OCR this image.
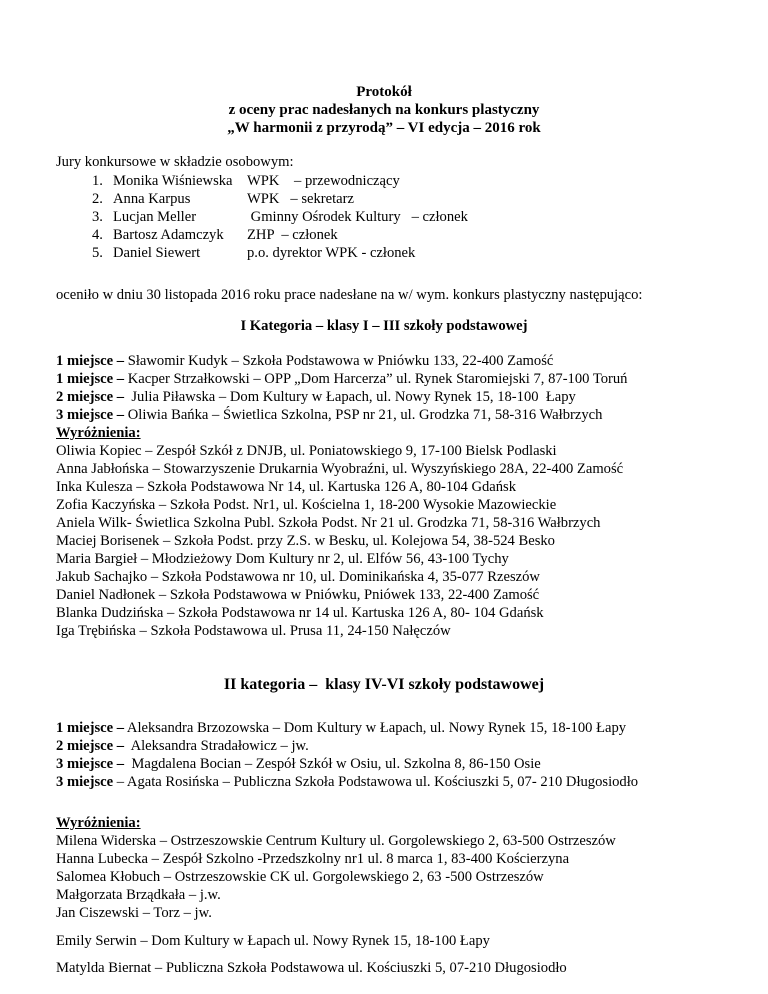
Protokół
z oceny prac nadesłanych na konkurs plastyczny
„W harmonii z przyrodą” – VI edycja – 2016 rok
Jury konkursowe w składzie osobowym:
1. Monika Wiśniewska WPK    – przewodniczący
2. Anna Karpus	WPK   – sekretarz
3. Lucjan Meller	Gminny Ośrodek Kultury   – członek
4. Bartosz Adamczyk ZHP  – członek
5. Daniel Siewert	p.o. dyrektor WPK - członek
oceniło w dniu 30 listopada 2016 roku prace nadesłane na w/ wym. konkurs plastyczny następująco:
I Kategoria – klasy I – III szkoły podstawowej
1 miejsce – Sławomir Kudyk – Szkoła Podstawowa w Pniówku 133, 22-400 Zamość
1 miejsce – Kacper Strzałkowski – OPP „Dom Harcerza” ul. Rynek Staromiejski 7, 87-100 Toruń
2 miejsce –  Julia Piławska – Dom Kultury w Łapach, ul. Nowy Rynek 15, 18-100  Łapy
3 miejsce – Oliwia Bańka – Świetlica Szkolna, PSP nr 21, ul. Grodzka 71, 58-316 Wałbrzych
Wyróżnienia:
Oliwia Kopiec – Zespół Szkół z DNJB, ul. Poniatowskiego 9, 17-100 Bielsk Podlaski
Anna Jabłońska – Stowarzyszenie Drukarnia Wyobraźni, ul. Wyszyńskiego 28A, 22-400 Zamość
Inka Kulesza – Szkoła Podstawowa Nr 14, ul. Kartuska 126 A, 80-104 Gdańsk
Zofia Kaczyńska – Szkoła Podst. Nr1, ul. Kościelna 1, 18-200 Wysokie Mazowieckie
Aniela Wilk- Świetlica Szkolna Publ. Szkoła Podst. Nr 21 ul. Grodzka 71, 58-316 Wałbrzych
Maciej Borisenek – Szkoła Podst. przy Z.S. w Besku, ul. Kolejowa 54, 38-524 Besko
Maria Bargieł – Młodzieżowy Dom Kultury nr 2, ul. Elfów 56, 43-100 Tychy
Jakub Sachajko – Szkoła Podstawowa nr 10, ul. Dominikańska 4, 35-077 Rzeszów
Daniel Nadłonek – Szkoła Podstawowa w Pniówku, Pniówek 133, 22-400 Zamość
Blanka Dudzińska – Szkoła Podstawowa nr 14 ul. Kartuska 126 A, 80- 104 Gdańsk
Iga Trębińska – Szkoła Podstawowa ul. Prusa 11, 24-150 Nałęczów
II kategoria –  klasy IV-VI szkoły podstawowej
1 miejsce – Aleksandra Brzozowska – Dom Kultury w Łapach, ul. Nowy Rynek 15, 18-100 Łapy
2 miejsce –  Aleksandra Stradałowicz – jw.
3 miejsce –  Magdalena Bocian – Zespół Szkół w Osiu, ul. Szkolna 8, 86-150 Osie
3 miejsce – Agata Rosińska – Publiczna Szkoła Podstawowa ul. Kościuszki 5, 07- 210 Długosiodło
Wyróżnienia:
Milena Widerska – Ostrzeszowskie Centrum Kultury ul. Gorgolewskiego 2, 63-500 Ostrzeszów
Hanna Lubecka – Zespół Szkolno -Przedszkolny nr1 ul. 8 marca 1, 83-400 Kościerzyna
Salomea Kłobuch – Ostrzeszowskie CK ul. Gorgolewskiego 2, 63 -500 Ostrzeszów
Małgorzata Brządkała – j.w.
Jan Ciszewski – Torz – jw.
Emily Serwin – Dom Kultury w Łapach ul. Nowy Rynek 15, 18-100 Łapy
Matylda Biernat – Publiczna Szkoła Podstawowa ul. Kościuszki 5, 07-210 Długosiodło
